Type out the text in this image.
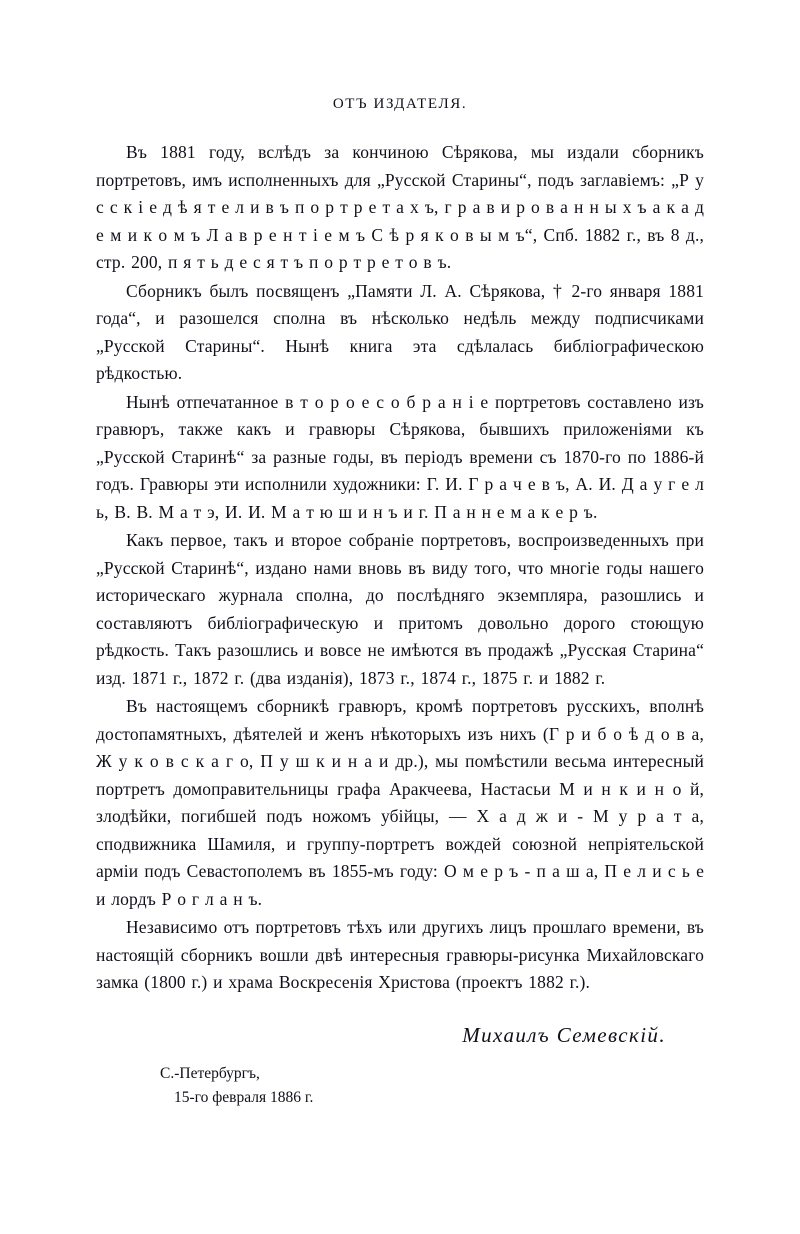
ОТЪ ИЗДАТЕЛЯ.

Въ 1881 году, вслѣдъ за кончиною Сѣрякова, мы издали сборникъ портретовъ, имъ исполненныхъ для „Русской Старины“, подъ заглавіемъ: „Р у с с к і е д ѣ я т е л и в ъ п о р т р е т а х ъ, г р а в и р о в а н н ы х ъ а к а д е м и к о м ъ Л а в р е н т і е м ъ С ѣ р я к о в ы м ъ“, Спб. 1882 г., въ 8 д., стр. 200, п я т ь д е с я т ъ п о р т р е т о в ъ.

Сборникъ былъ посвященъ „Памяти Л. А. Сѣрякова, † 2-го января 1881 года“, и разошелся сполна въ нѣсколько недѣль между подписчиками „Русской Старины“. Нынѣ книга эта сдѣлалась библіографическою рѣдкостью.

Нынѣ отпечатанное в т о р о е с о б р а н і е портретовъ составлено изъ гравюръ, также какъ и гравюры Сѣрякова, бывшихъ приложеніями къ „Русской Старинѣ“ за разные годы, въ періодъ времени съ 1870-го по 1886-й годъ. Гравюры эти исполнили художники: Г. И. Г р а ч е в ъ, А. И. Д а у г е л ь, В. В. М а т э, И. И. М а т ю ш и н ъ и г. П а н н е м а к е р ъ.

Какъ первое, такъ и второе собраніе портретовъ, воспроизведенныхъ при „Русской Старинѣ“, издано нами вновь въ виду того, что многіе годы нашего историческаго журнала сполна, до послѣдняго экземпляра, разошлись и составляютъ библіографическую и притомъ довольно дорого стоющую рѣдкость. Такъ разошлись и вовсе не имѣются въ продажѣ „Русская Старина“ изд. 1871 г., 1872 г. (два изданія), 1873 г., 1874 г., 1875 г. и 1882 г.

Въ настоящемъ сборникѣ гравюръ, кромѣ портретовъ русскихъ, вполнѣ достопамятныхъ, дѣятелей и женъ нѣкоторыхъ изъ нихъ (Г р и б о ѣ д о в а, Ж у к о в с к а г о, П у ш к и н а и др.), мы помѣстили весьма интересный портретъ домоправительницы графа Аракчеева, Настасьи М и н к и н о й, злодѣйки, погибшей подъ ножомъ убійцы, — Х а д ж и - М у р а т а, сподвижника Шамиля, и группу-портретъ вождей союзной непріятельской арміи подъ Севастополемъ въ 1855-мъ году: О м е р ъ - п а ш а, П е л и с ь е и лордъ Р о г л а н ъ.

Независимо отъ портретовъ тѣхъ или другихъ лицъ прошлаго времени, въ настоящій сборникъ вошли двѣ интересныя гравюры-рисунка Михайловскаго замка (1800 г.) и храма Воскресенія Христова (проектъ 1882 г.).

Михаилъ Семевскій.
С.-Петербургъ,
15-го февраля 1886 г.
